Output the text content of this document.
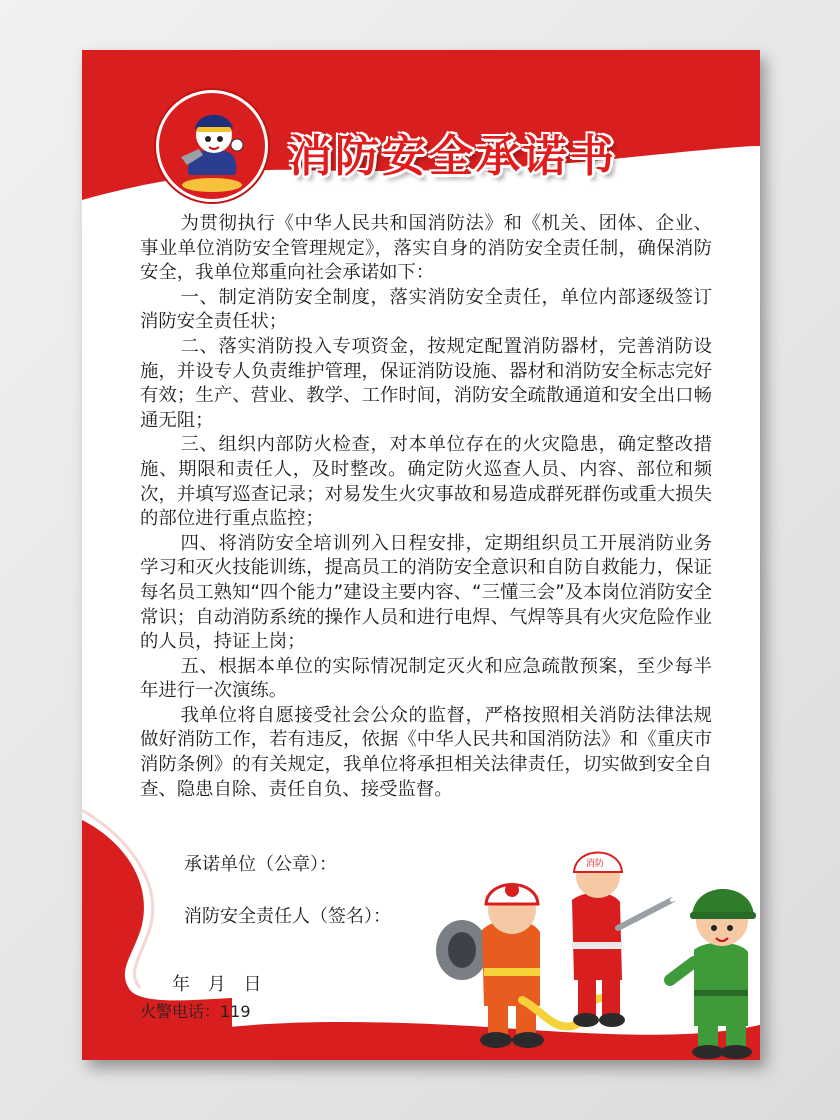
消防安全承诺书

为贯彻执行《中华人民共和国消防法》和《机关、团体、企业、事业单位消防安全管理规定》，落实自身的消防安全责任制，确保消防安全，我单位郑重向社会承诺如下：

一、制定消防安全制度，落实消防安全责任，单位内部逐级签订消防安全责任状；

二、落实消防投入专项资金，按规定配置消防器材，完善消防设施，并设专人负责维护管理，保证消防设施、器材和消防安全标志完好有效；生产、营业、教学、工作时间，消防安全疏散通道和安全出口畅通无阻；

三、组织内部防火检查，对本单位存在的火灾隐患，确定整改措施、期限和责任人，及时整改。确定防火巡查人员、内容、部位和频次，并填写巡查记录；对易发生火灾事故和易造成群死群伤或重大损失的部位进行重点监控；

四、将消防安全培训列入日程安排，定期组织员工开展消防业务学习和灭火技能训练，提高员工的消防安全意识和自防自救能力，保证每名员工熟知“四个能力”建设主要内容、“三懂三会”及本岗位消防安全常识；自动消防系统的操作人员和进行电焊、气焊等具有火灾危险作业的人员，持证上岗；

五、根据本单位的实际情况制定灭火和应急疏散预案，至少每半年进行一次演练。

我单位将自愿接受社会公众的监督，严格按照相关消防法律法规做好消防工作，若有违反，依据《中华人民共和国消防法》和《重庆市消防条例》的有关规定，我单位将承担相关法律责任，切实做到安全自查、隐患自除、责任自负、接受监督。

承诺单位（公章）：
消防安全责任人（签名）：
年 月 日
火警电话：119
消防
